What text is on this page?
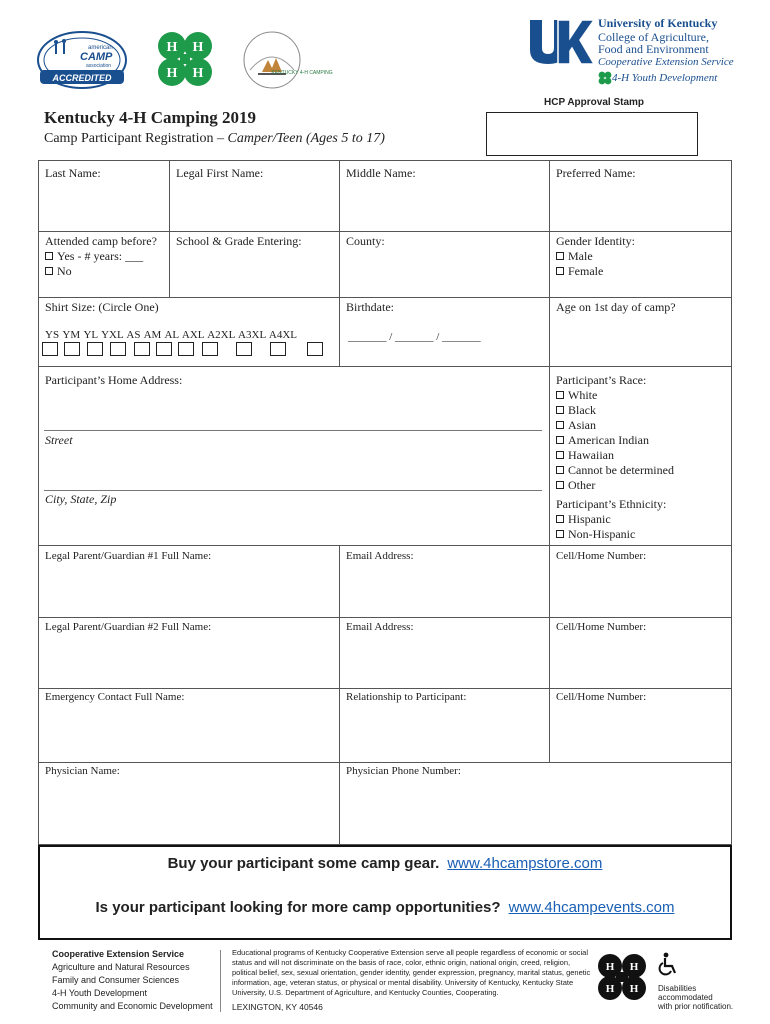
american
CAMP
association
ACCREDITED
H H
H H	KENTUCKY 4-H CAMPING
University of Kentucky
College of Agriculture,
Food and Environment
Cooperative Extension Service
4-H Youth Development
HCP Approval Stamp
Kentucky 4-H Camping 2019
Camp Participant Registration – Camper/Teen (Ages 5 to 17)
Last Name:	Legal First Name:	Middle Name:	Preferred Name:
Attended camp before?
Yes - # years: ___
No
School & Grade Entering:	County:	Gender Identity:
Male
Female
Shirt Size: (Circle One)
YS YM YL YXL AS AM AL AXL A2XL A3XL A4XL
Birthdate:
_______ / _______ / _______
Age on 1st day of camp?
Participant’s Home Address:
Street
City, State, Zip
Participant’s Race:
White
Black
Asian
American Indian
Hawaiian
Cannot be determined
Other
Participant’s Ethnicity:
Hispanic
Non-Hispanic
Legal Parent/Guardian #1 Full Name:	Email Address:	Cell/Home Number:
Legal Parent/Guardian #2 Full Name:	Email Address:	Cell/Home Number:
Emergency Contact Full Name:	Relationship to Participant:	Cell/Home Number:
Physician Name:	Physician Phone Number:
Buy your participant some camp gear. www.4hcampstore.com
Is your participant looking for more camp opportunities? www.4hcampevents.com
Cooperative Extension Service
Agriculture and Natural Resources
Family and Consumer Sciences
4-H Youth Development
Community and Economic Development
Educational programs of Kentucky Cooperative Extension serve all people regardless of economic or social status and will not discriminate on the basis of race, color, ethnic origin, national origin, creed, religion, political belief, sex, sexual orientation, gender identity, gender expression, pregnancy, marital status, genetic information, age, veteran status, or physical or mental disability. University of Kentucky, Kentucky State University, U.S. Department of Agriculture, and Kentucky Counties, Cooperating.
LEXINGTON, KY 40546
H H
H H Disabilities
accommodated
with prior notification.
